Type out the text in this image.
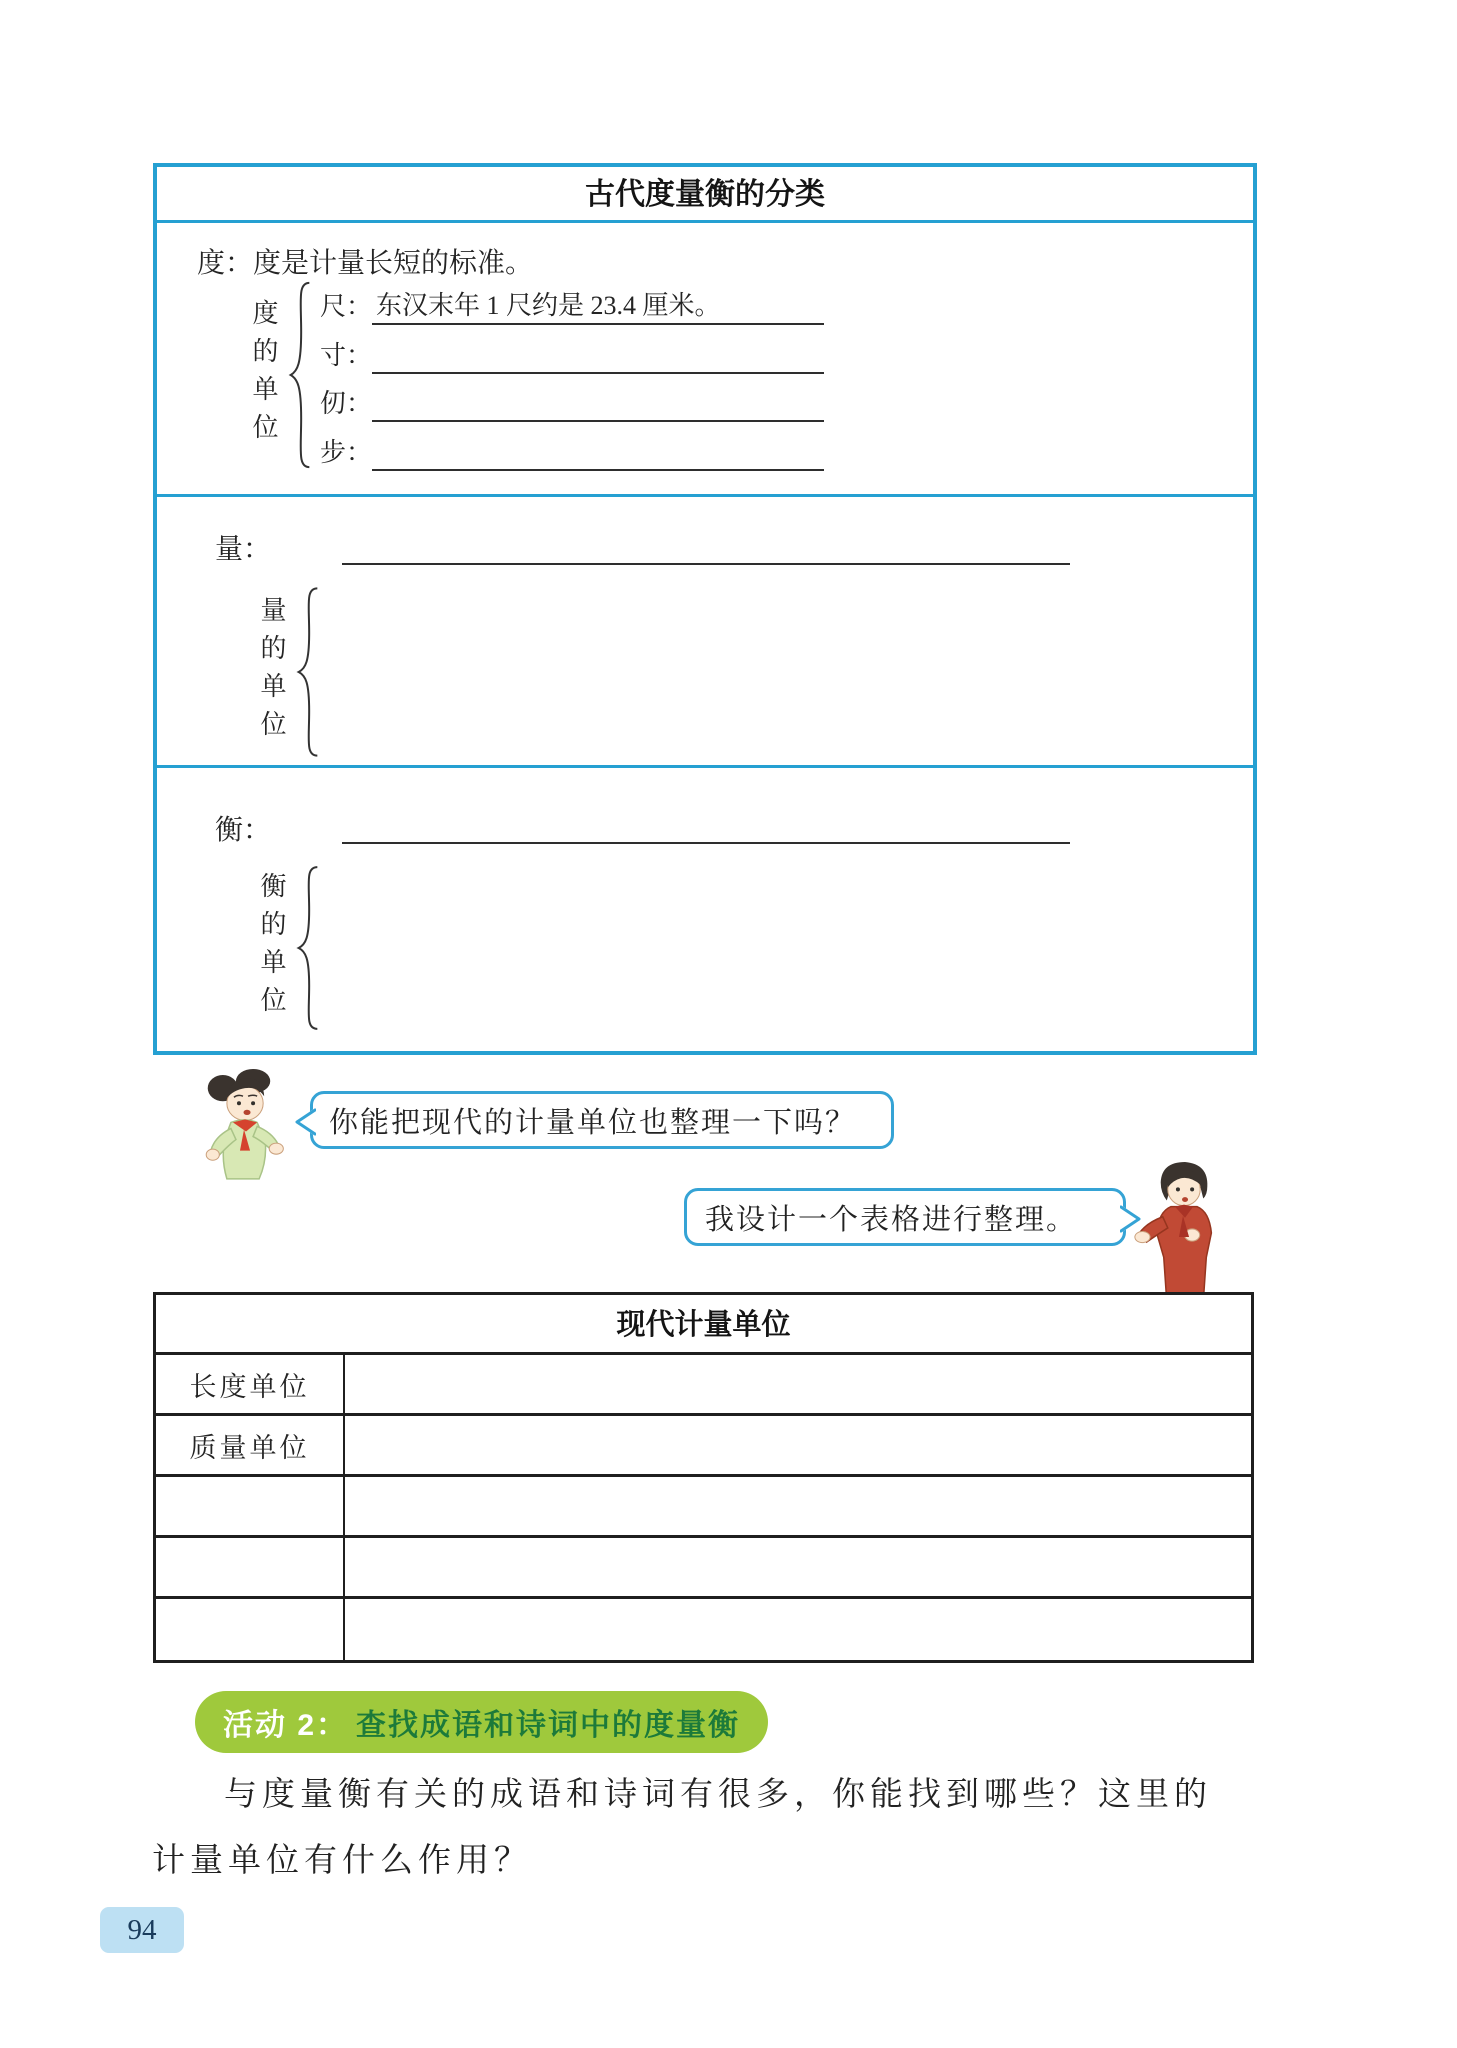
古代度量衡的分类
度：度是计量长短的标准。
度的单位 尺： 东汉末年 1 尺约是 23.4 厘米。
寸：
仞：
步：
量：
量的单位
衡：
衡的单位
你能把现代的计量单位也整理一下吗？
我设计一个表格进行整理。
现代计量单位
长度单位
质量单位
活动 2： 查找成语和诗词中的度量衡
与度量衡有关的成语和诗词有很多，你能找到哪些？这里的
计量单位有什么作用？
94
